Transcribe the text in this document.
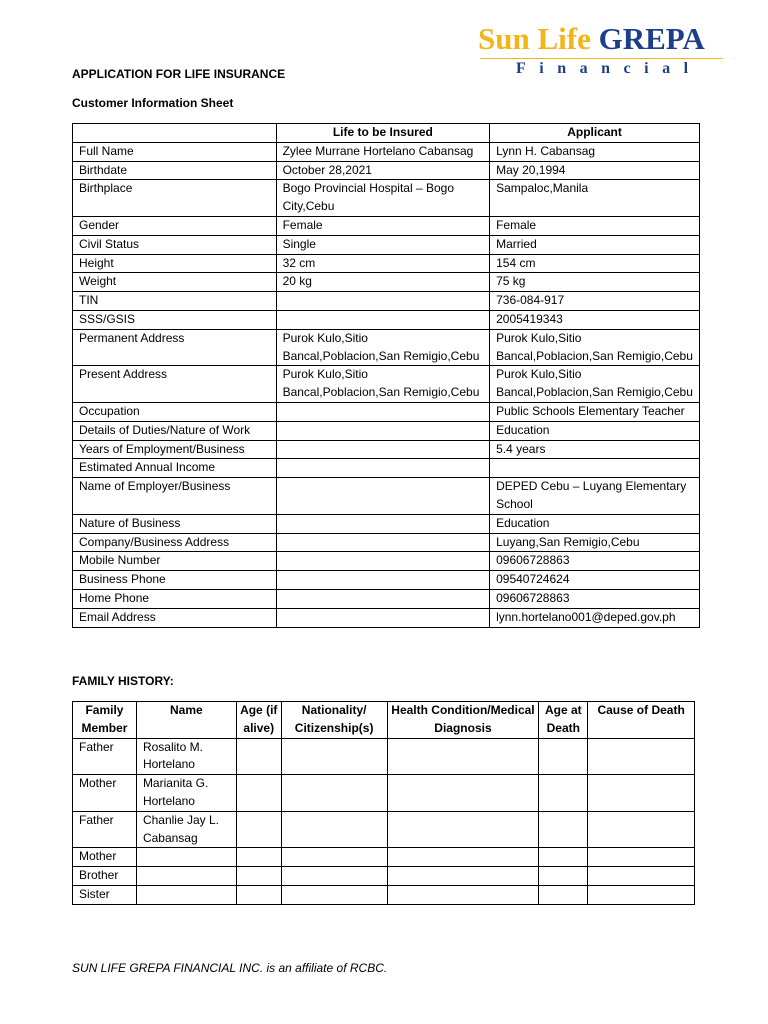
Sun Life GREPA
Financial
APPLICATION FOR LIFE INSURANCE
Customer Information Sheet
	Life to be Insured	Applicant
Full Name	Zylee Murrane Hortelano Cabansag	Lynn H. Cabansag
Birthdate	October 28,2021	May 20,1994
Birthplace	Bogo Provincial Hospital – Bogo City,Cebu	Sampaloc,Manila
Gender	Female	Female
Civil Status	Single	Married
Height	32 cm	154 cm
Weight	20 kg	75 kg
TIN		736-084-917
SSS/GSIS		2005419343
Permanent Address	Purok Kulo,Sitio Bancal,Poblacion,San Remigio,Cebu	Purok Kulo,Sitio Bancal,Poblacion,San Remigio,Cebu
Present Address	Purok Kulo,Sitio Bancal,Poblacion,San Remigio,Cebu	Purok Kulo,Sitio Bancal,Poblacion,San Remigio,Cebu
Occupation		Public Schools Elementary Teacher
Details of Duties/Nature of Work		Education
Years of Employment/Business		5.4 years
Estimated Annual Income		
Name of Employer/Business		DEPED Cebu – Luyang Elementary School
Nature of Business		Education
Company/Business Address		Luyang,San Remigio,Cebu
Mobile Number		09606728863
Business Phone		09540724624
Home Phone		09606728863
Email Address		lynn.hortelano001@deped.gov.ph
FAMILY HISTORY:
Family Member	Name	Age (if alive)	Nationality/ Citizenship(s)	Health Condition/Medical Diagnosis	Age at Death	Cause of Death
Father	Rosalito M. Hortelano					
Mother	Marianita G. Hortelano					
Father	Chanlie Jay L. Cabansag					
Mother						
Brother						
Sister						
SUN LIFE GREPA FINANCIAL INC. is an affiliate of RCBC.
